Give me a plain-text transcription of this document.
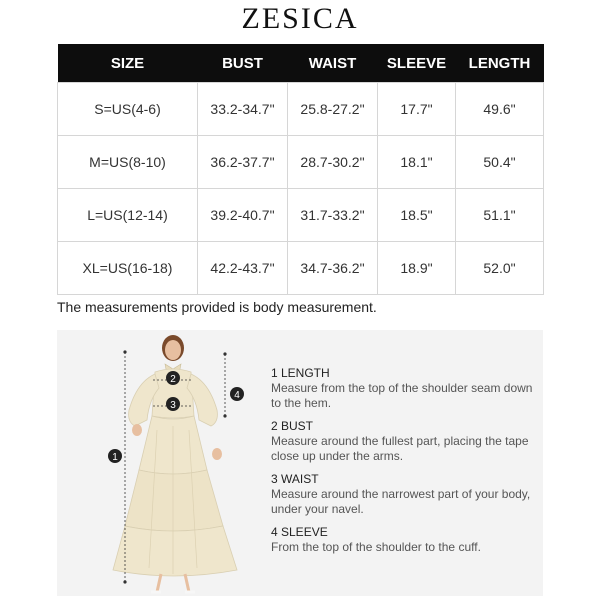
ZESICA
SIZE	BUST	WAIST	SLEEVE	LENGTH
S=US(4-6)	33.2-34.7"	25.8-27.2"	17.7"	49.6"
M=US(8-10)	36.2-37.7"	28.7-30.2"	18.1"	50.4"
L=US(12-14)	39.2-40.7"	31.7-33.2"	18.5"	51.1"
XL=US(16-18)	42.2-43.7"	34.7-36.2"	18.9"	52.0"
The measurements provided is body measurement.
1
2
3
4
1 LENGTH
Measure from the top of the shoulder seam down to the hem.
2 BUST
Measure around the fullest part, placing the tape close up under the arms.
3 WAIST
Measure around the narrowest part of your body, under your navel.
4 SLEEVE
From the top of the shoulder to the cuff.
